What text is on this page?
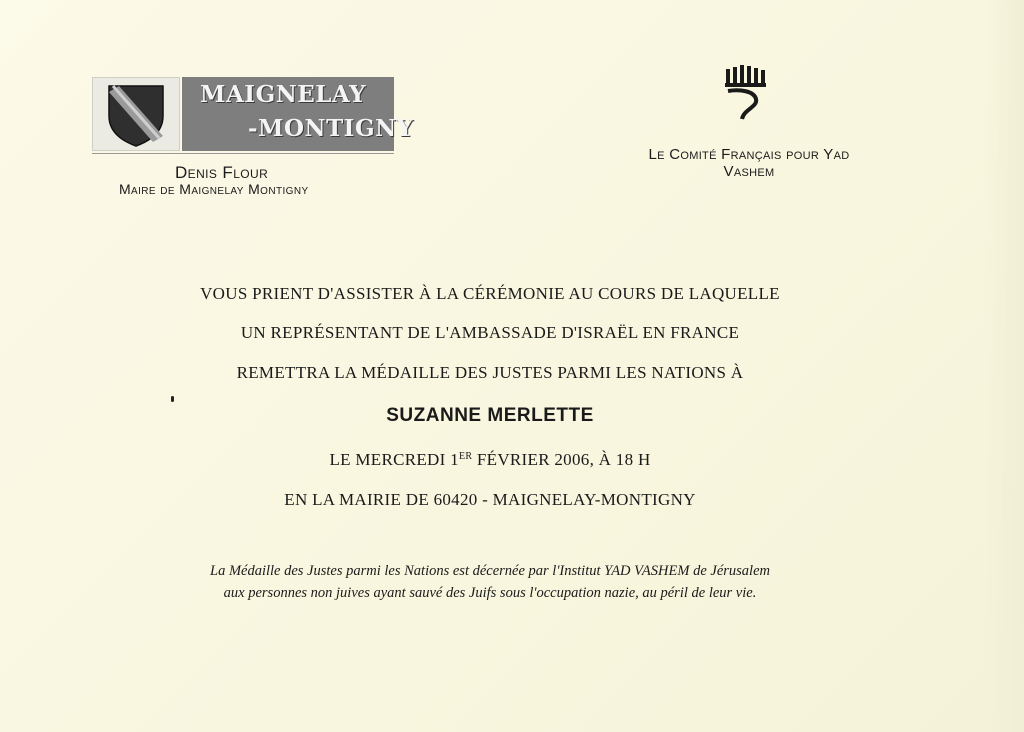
MAIGNELAY
-MONTIGNY
Denis Flour
Maire de Maignelay Montigny
Le Comité Français pour Yad
Vashem
VOUS PRIENT D'ASSISTER À LA CÉRÉMONIE AU COURS DE LAQUELLE
UN REPRÉSENTANT DE L'AMBASSADE D'ISRAËL EN FRANCE
REMETTRA LA MÉDAILLE DES JUSTES PARMI LES NATIONS À
SUZANNE MERLETTE
LE MERCREDI 1ER FÉVRIER 2006, À 18 H
EN LA MAIRIE DE 60420 - MAIGNELAY-MONTIGNY
La Médaille des Justes parmi les Nations est décernée par l'Institut YAD VASHEM de Jérusalem
aux personnes non juives ayant sauvé des Juifs sous l'occupation nazie, au péril de leur vie.
